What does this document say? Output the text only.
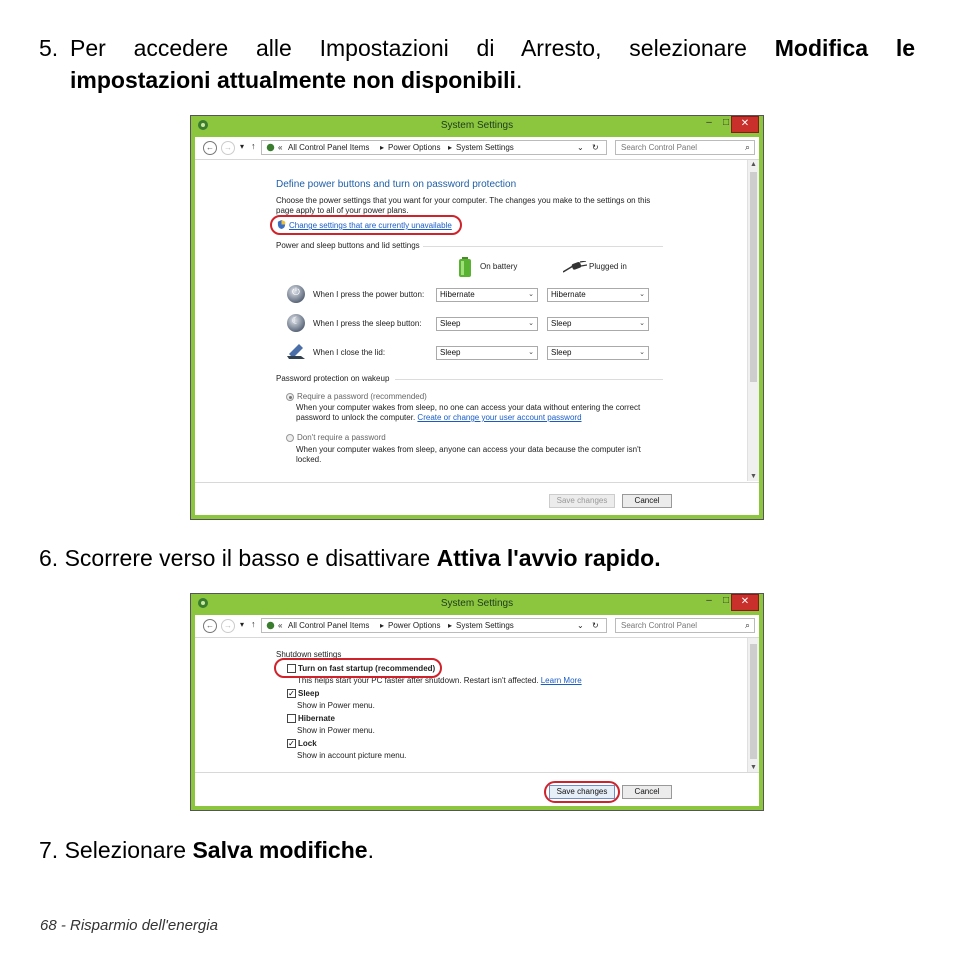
5. Per accedere alle Impostazioni di Arresto, selezionare Modifica le
impostazioni attualmente non disponibili.
System Settings	–	□	✕
←	→	▾ ↑	« All Control Panel Items ▸ Power Options ▸ System Settings	⌄ ↻	Search Control Panel	⌕
▲
▼
Define power buttons and turn on password protection
Choose the power settings that you want for your computer. The changes you make to the settings on this
page apply to all of your power plans.
Change settings that are currently unavailable
Power and sleep buttons and lid settings
On battery	Plugged in
⏻	When I press the power button:	Hibernate	⌄	Hibernate	⌄
☾	When I press the sleep button:	Sleep	⌄	Sleep	⌄
When I close the lid:	Sleep	⌄	Sleep	⌄
Password protection on wakeup
Require a password (recommended)
When your computer wakes from sleep, no one can access your data without entering the correct
password to unlock the computer. Create or change your user account password
Don't require a password
When your computer wakes from sleep, anyone can access your data because the computer isn't
locked.
Save changes	Cancel
6. Scorrere verso il basso e disattivare Attiva l'avvio rapido.
System Settings	–	□	✕
←	→	▾ ↑	« All Control Panel Items ▸ Power Options ▸ System Settings	⌄ ↻	Search Control Panel	⌕
▼
Shutdown settings
Turn on fast startup (recommended)
This helps start your PC faster after shutdown. Restart isn't affected. Learn More
✓ Sleep
Show in Power menu.
Hibernate
Show in Power menu.
✓ Lock
Show in account picture menu.
Save changes	Cancel
7. Selezionare Salva modifiche.
68 - Risparmio dell'energia
